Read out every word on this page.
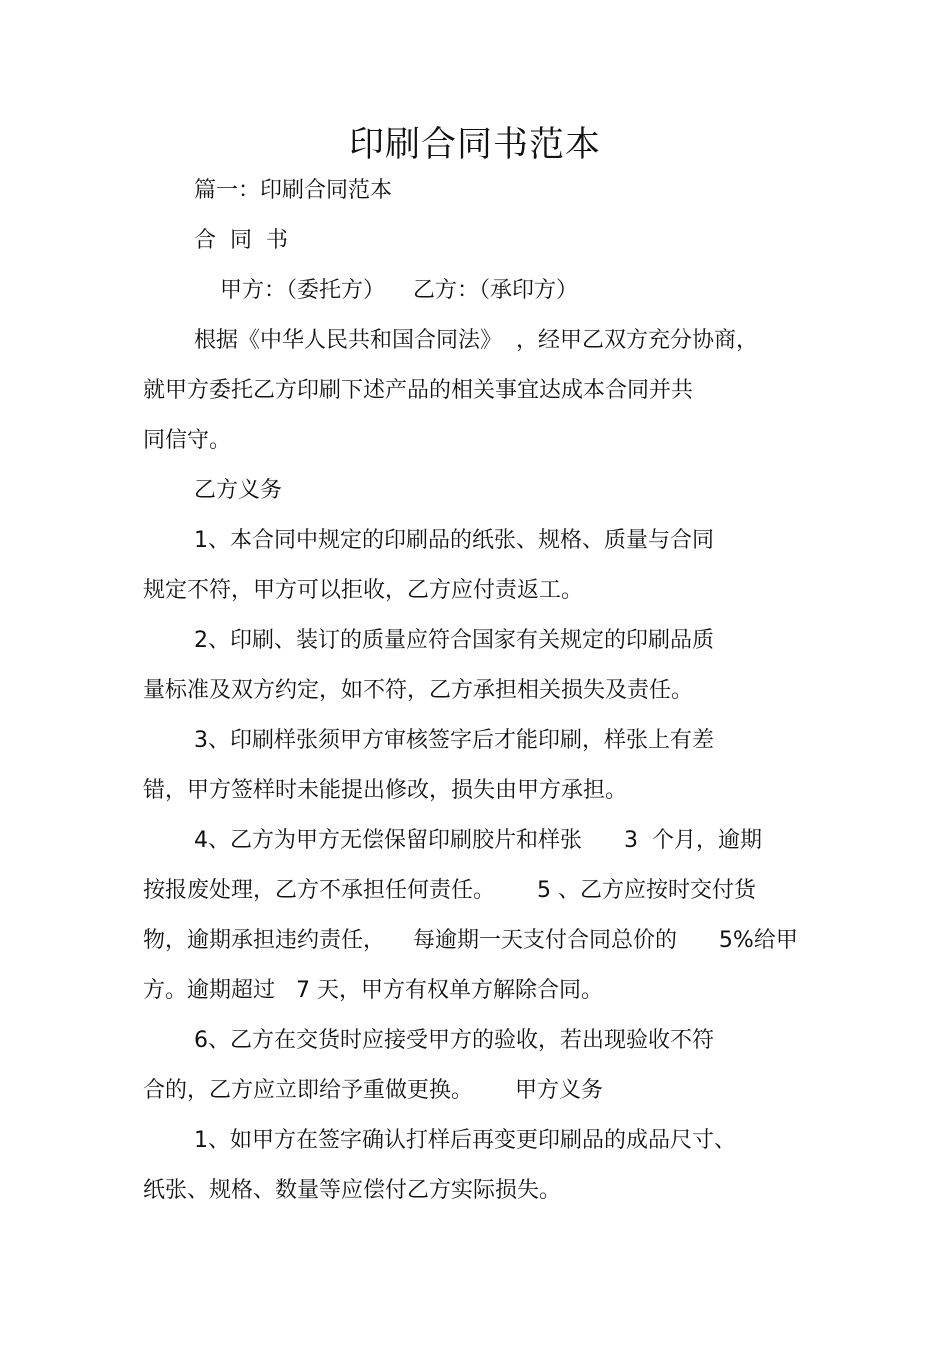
印刷合同书范本
篇一：印刷合同范本
合  同  书
甲方：（委托方）    乙方：（承印方）
根据《中华人民共和国合同法》  ，经甲乙双方充分协商，
就甲方委托乙方印刷下述产品的相关事宜达成本合同并共
同信守。
乙方义务
1、本合同中规定的印刷品的纸张、规格、质量与合同
规定不符，甲方可以拒收，乙方应付责返工。
2、印刷、装订的质量应符合国家有关规定的印刷品质
量标准及双方约定，如不符，乙方承担相关损失及责任。
3、印刷样张须甲方审核签字后才能印刷，样张上有差
错，甲方签样时未能提出修改，损失由甲方承担。
4、乙方为甲方无偿保留印刷胶片和样张      3  个月，逾期
按报废处理，乙方不承担任何责任。      5 、乙方应按时交付货
物，逾期承担违约责任，    每逾期一天支付合同总价的      5%给甲
方。逾期超过   7 天，甲方有权单方解除合同。
6、乙方在交货时应接受甲方的验收，若出现验收不符
合的，乙方应立即给予重做更换。      甲方义务
1、如甲方在签字确认打样后再变更印刷品的成品尺寸、
纸张、规格、数量等应偿付乙方实际损失。
